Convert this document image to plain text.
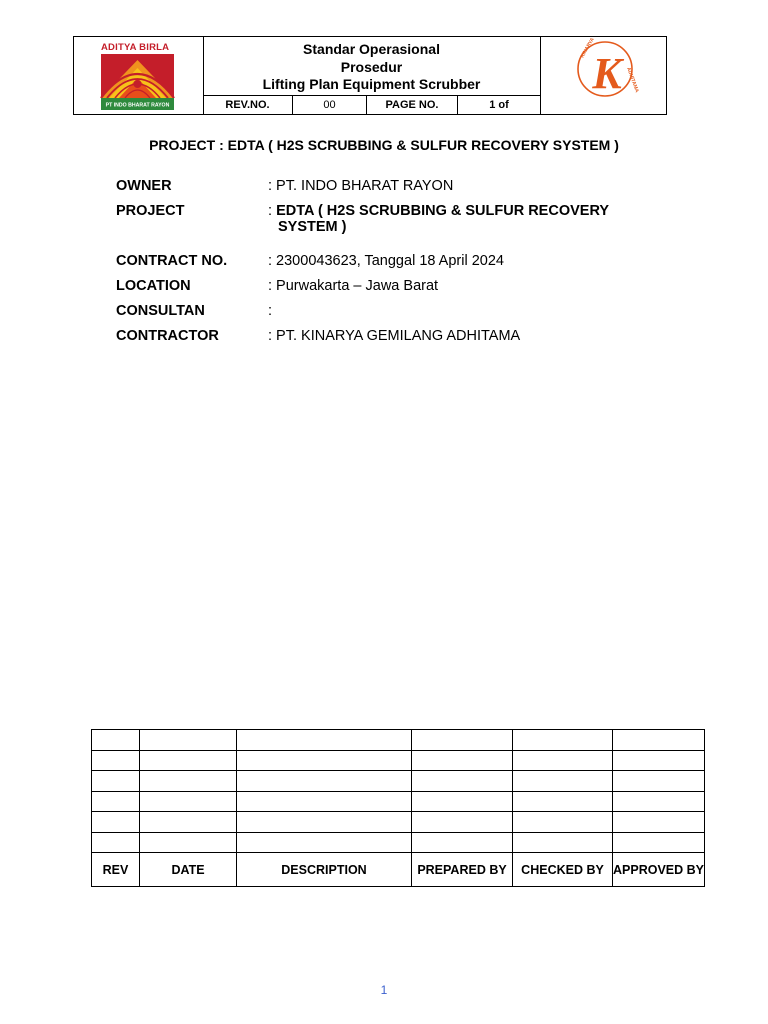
ADITYA BIRLA
PT INDO BHARAT RAYON
Standar Operasional
Prosedur
Lifting Plan Equipment Scrubber
REV.NO.	00	PAGE NO.	1 of
KINARYA
ADHITAMA
K
PROJECT : EDTA ( H2S SCRUBBING & SULFUR RECOVERY SYSTEM )
OWNER	: PT. INDO BHARAT RAYON
PROJECT	: EDTA ( H2S SCRUBBING & SULFUR RECOVERY
SYSTEM )
CONTRACT NO.	: 2300043623, Tanggal 18 April 2024
LOCATION	: Purwakarta – Jawa Barat
CONSULTAN	:
CONTRACTOR	: PT. KINARYA GEMILANG ADHITAMA

REV	DATE	DESCRIPTION	PREPARED BY	CHECKED BY	APPROVED BY
1
